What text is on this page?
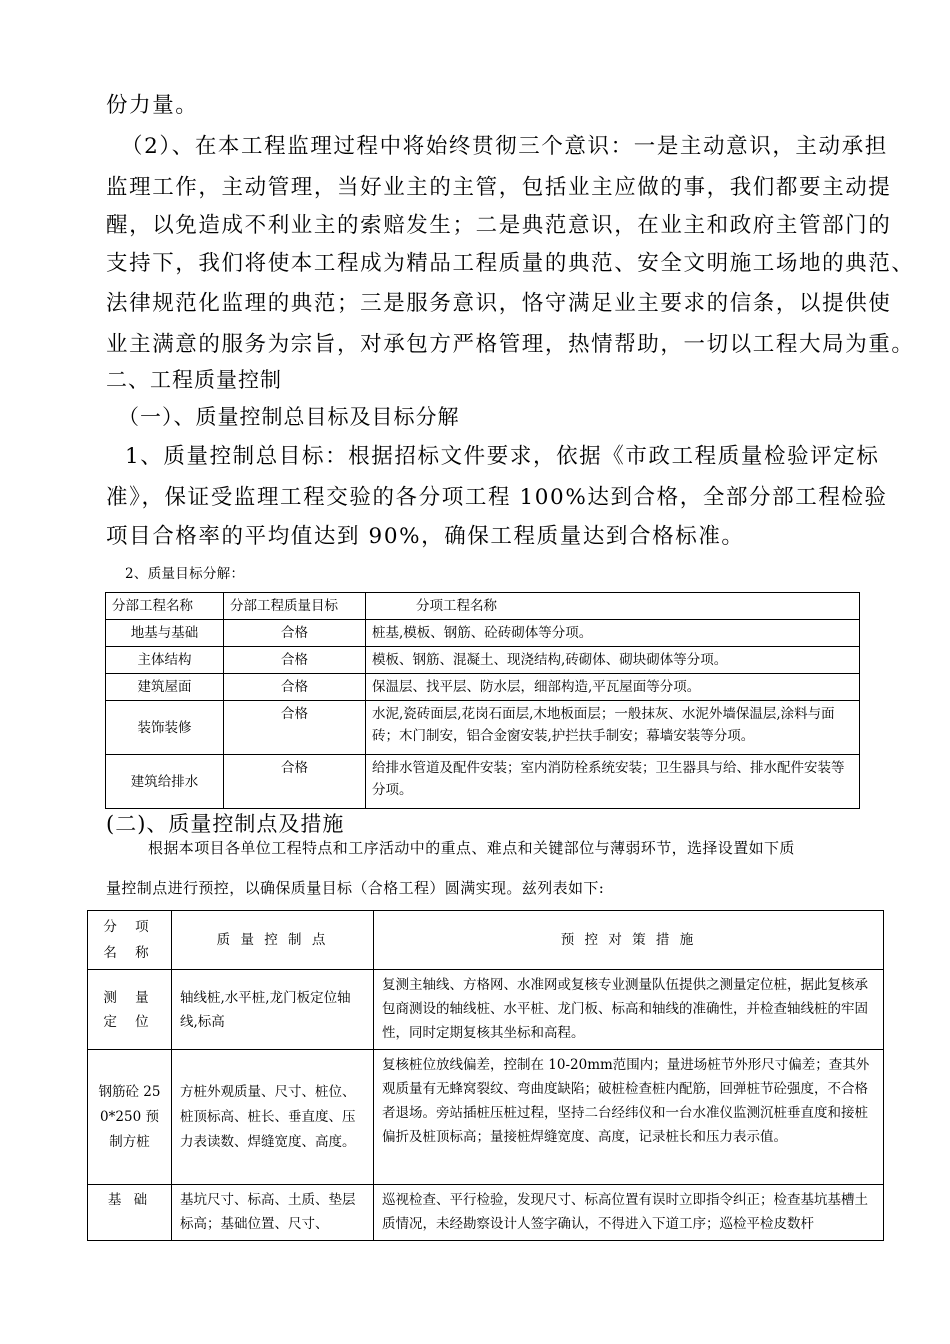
份力量。
（2）、在本工程监理过程中将始终贯彻三个意识：一是主动意识，主动承担
监理工作，主动管理，当好业主的主管，包括业主应做的事，我们都要主动提
醒，以免造成不利业主的索赔发生；二是典范意识，在业主和政府主管部门的
支持下，我们将使本工程成为精品工程质量的典范、安全文明施工场地的典范、
法律规范化监理的典范；三是服务意识，恪守满足业主要求的信条，以提供使
业主满意的服务为宗旨，对承包方严格管理，热情帮助，一切以工程大局为重。
二、工程质量控制
（一）、质量控制总目标及目标分解
1、质量控制总目标：根据招标文件要求，依据《市政工程质量检验评定标
准》，保证受监理工程交验的各分项工程 100%达到合格，全部分部工程检验
项目合格率的平均值达到 90%，确保工程质量达到合格标准。
2、质量目标分解：
分部工程名称	分部工程质量目标	分项工程名称
地基与基础	合格	桩基,模板、钢筋、砼砖砌体等分项。
主体结构	合格	模板、钢筋、混凝土、现浇结构,砖砌体、砌块砌体等分项。
建筑屋面	合格	保温层、找平层、防水层，细部构造,平瓦屋面等分项。
装饰装修	合格	水泥,瓷砖面层,花岗石面层,木地板面层；一般抹灰、水泥外墙保温层,涂料与面砖；木门制安，铝合金窗安装,护拦扶手制安；幕墙安装等分项。
建筑给排水	合格	给排水管道及配件安装；室内消防栓系统安装；卫生器具与给、排水配件安装等分项。
(二)、质量控制点及措施
根据本项目各单位工程特点和工序活动中的重点、难点和关键部位与薄弱环节，选择设置如下质
量控制点进行预控，以确保质量目标（合格工程）圆满实现。兹列表如下:
分 项 名 称	质 量 控 制 点	预 控 对 策 措 施
测 量 定 位	轴线桩,水平桩,龙门板定位轴线,标高	复测主轴线、方格网、水准网或复核专业测量队伍提供之测量定位桩，据此复核承包商测设的轴线桩、水平桩、龙门板、标高和轴线的准确性，并检查轴线桩的牢固性，同时定期复核其坐标和高程。
钢筋砼 250*250 预制方桩	方桩外观质量、尺寸、桩位、桩顶标高、桩长、垂直度、压力表读数、焊缝宽度、高度。	复核桩位放线偏差，控制在 10-20mm范围内；量进场桩节外形尺寸偏差；查其外观质量有无蜂窝裂纹、弯曲度缺陷；破桩检查桩内配筋，回弹桩节砼强度，不合格者退场。旁站插桩压桩过程，坚持二台经纬仪和一台水准仪监测沉桩垂直度和接桩偏折及桩顶标高；量接桩焊缝宽度、高度，记录桩长和压力表示值。
基 础	基坑尺寸、标高、土质、垫层标高；基础位置、尺寸、	巡视检查、平行检验，发现尺寸、标高位置有误时立即指令纠正；检查基坑基槽土质情况，未经勘察设计人签字确认，不得进入下道工序；巡检平检皮数杆
